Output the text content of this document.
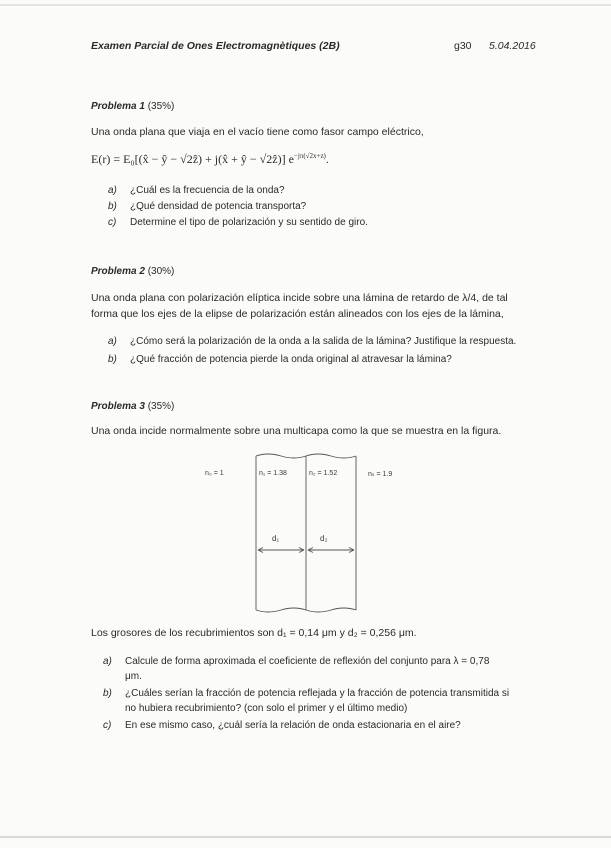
Examen Parcial de Ones Electromagnètiques (2B)	g30 5.04.2016
Problema 1 (35%)
Una onda plana que viaja en el vacío tiene como fasor campo eléctrico,
E(r) = E₀[(x̂ − ŷ − √2ẑ) + j(x̂ + ŷ − √2ẑ)] $e^{-j\pi(√2x+z)}$.
a) ¿Cuál es la frecuencia de la onda?
b) ¿Qué densidad de potencia transporta?
c) Determine el tipo de polarización y su sentido de giro.
Problema 2 (30%)
Una onda plana con polarización elíptica incide sobre una lámina de retardo de λ/4, de tal
forma que los ejes de la elipse de polarización están alineados con los ejes de la lámina,
a) ¿Cómo será la polarización de la onda a la salida de la lámina? Justifique la respuesta.
b) ¿Qué fracción de potencia pierde la onda original al atravesar la lámina?
Problema 3 (35%)
Una onda incide normalmente sobre una multicapa como la que se muestra en la figura.
n₀ = 1	n₁ = 1.38	n₂ = 1.52	nₛ = 1.9
d₁	d₂
Los grosores de los recubrimientos son d₁ = 0,14 μm y d₂ = 0,256 μm.
a) Calcule de forma aproximada el coeficiente de reflexión del conjunto para λ = 0,78
μm.
b) ¿Cuáles serían la fracción de potencia reflejada y la fracción de potencia transmitida si
no hubiera recubrimiento? (con solo el primer y el último medio)
c) En ese mismo caso, ¿cuál sería la relación de onda estacionaria en el aire?
